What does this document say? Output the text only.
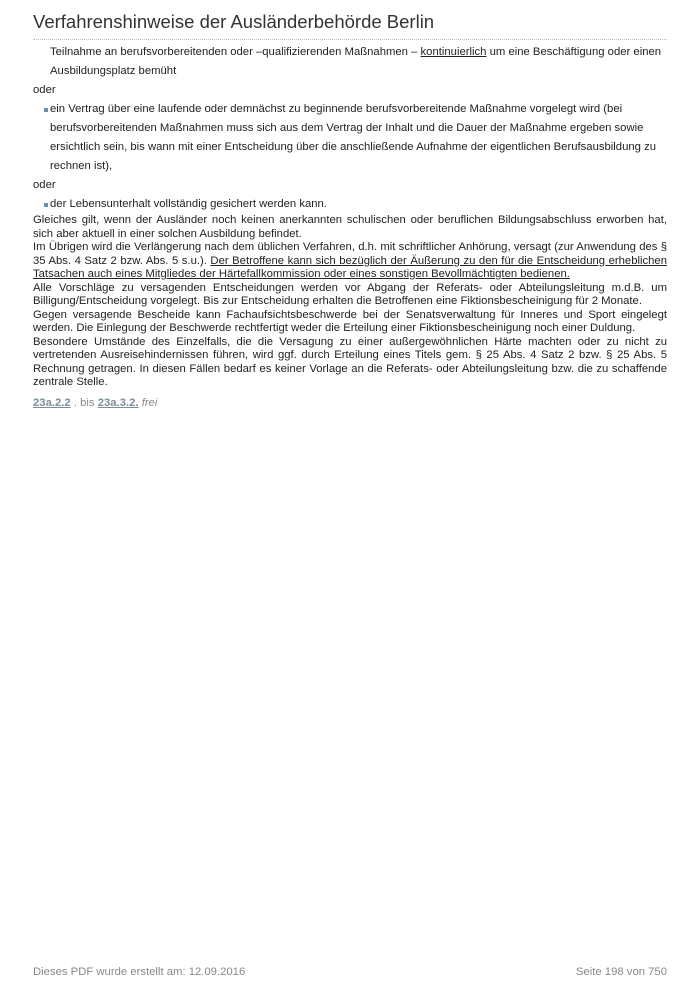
Verfahrenshinweise der Ausländerbehörde Berlin
Teilnahme an berufsvorbereitenden oder –qualifizierenden Maßnahmen – kontinuierlich um eine Beschäftigung oder einen Ausbildungsplatz bemüht
oder
ein Vertrag über eine laufende oder demnächst zu beginnende berufsvorbereitende Maßnahme vorgelegt wird (bei berufsvorbereitenden Maßnahmen muss sich aus dem Vertrag der Inhalt und die Dauer der Maßnahme ergeben sowie ersichtlich sein, bis wann mit einer Entscheidung über die anschließende Aufnahme der eigentlichen Berufsausbildung zu rechnen ist),
oder
der Lebensunterhalt vollständig gesichert werden kann.
Gleiches gilt, wenn der Ausländer noch keinen anerkannten schulischen oder beruflichen Bildungsabschluss erworben hat, sich aber aktuell in einer solchen Ausbildung befindet.
Im Übrigen wird die Verlängerung nach dem üblichen Verfahren, d.h. mit schriftlicher Anhörung, versagt (zur Anwendung des § 35 Abs. 4 Satz 2 bzw. Abs. 5 s.u.). Der Betroffene kann sich bezüglich der Äußerung zu den für die Entscheidung erheblichen Tatsachen auch eines Mitgliedes der Härtefallkommission oder eines sonstigen Bevollmächtigten bedienen.
Alle Vorschläge zu versagenden Entscheidungen werden vor Abgang der Referats- oder Abteilungsleitung m.d.B. um Billigung/Entscheidung vorgelegt. Bis zur Entscheidung erhalten die Betroffenen eine Fiktionsbescheinigung für 2 Monate.
Gegen versagende Bescheide kann Fachaufsichtsbeschwerde bei der Senatsverwaltung für Inneres und Sport eingelegt werden. Die Einlegung der Beschwerde rechtfertigt weder die Erteilung einer Fiktionsbescheinigung noch einer Duldung.
Besondere Umstände des Einzelfalls, die die Versagung zu einer außergewöhnlichen Härte machten oder zu nicht zu vertretenden Ausreisehindernissen führen, wird ggf. durch Erteilung eines Titels gem. § 25 Abs. 4 Satz 2 bzw. § 25 Abs. 5 Rechnung getragen. In diesen Fällen bedarf es keiner Vorlage an die Referats- oder Abteilungsleitung bzw. die zu schaffende zentrale Stelle.
23a.2.2 . bis 23a.3.2. frei
Dieses PDF wurde erstellt am: 12.09.2016	Seite 198 von 750
